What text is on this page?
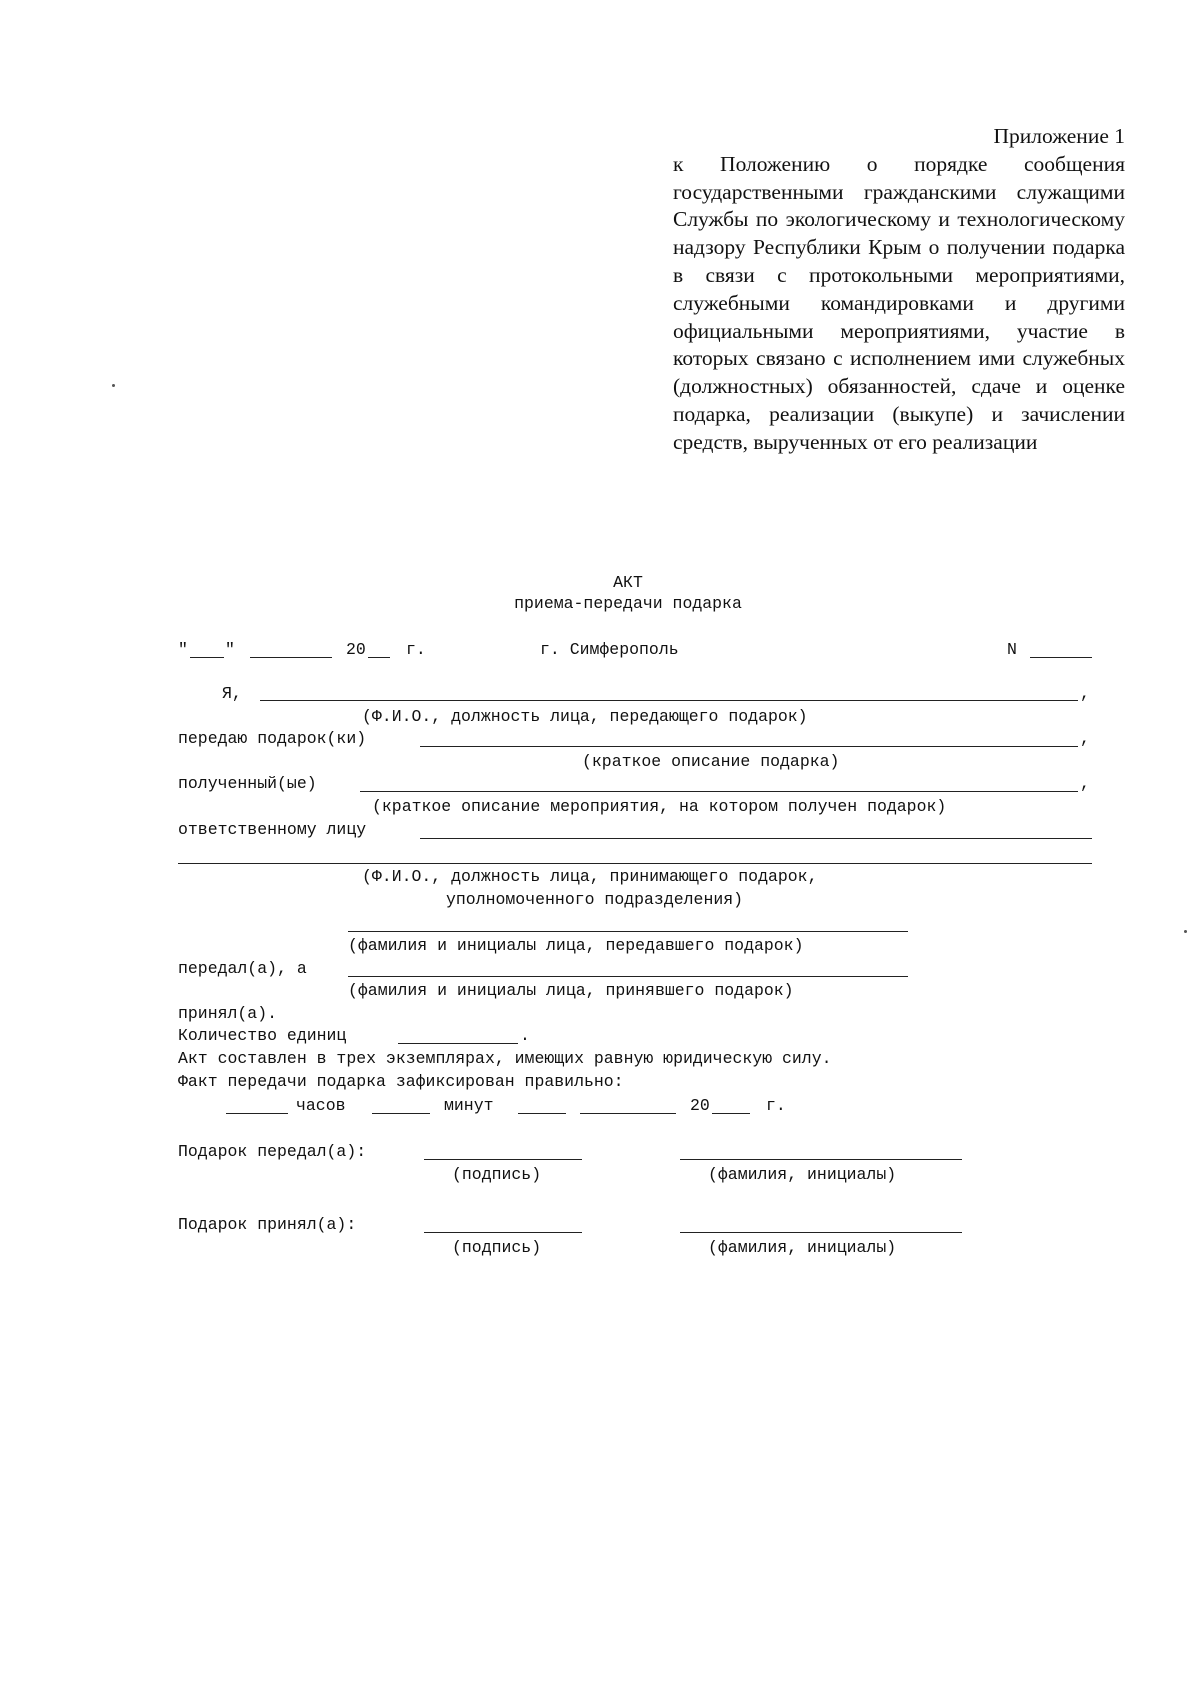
Приложение 1
к Положению о порядке сообщения государственными гражданскими служащими Службы по экологическому и технологическому надзору Республики Крым о получении подарка в связи с протокольными мероприятиями, служебными командировками и другими официальными мероприятиями, участие в которых связано с исполнением ими служебных (должностных) обязанностей, сдаче и оценке подарка, реализации (выкупе) и зачислении средств, вырученных от его реализации
АКТ
приема-передачи подарка
" "	20 г.	г. Симферополь	N
Я,	,
(Ф.И.О., должность лица, передающего подарок)
передаю подарок(ки)	,
(краткое описание подарка)
полученный(ые)	,
(краткое описание мероприятия, на котором получен подарок)
ответственному лицу
(Ф.И.О., должность лица, принимающего подарок,
уполномоченного подразделения)
(фамилия и инициалы лица, передавшего подарок)
передал(а), а
(фамилия и инициалы лица, принявшего подарок)
принял(а).
Количество единиц	.
Акт составлен в трех экземплярах, имеющих равную юридическую силу.
Факт передачи подарка зафиксирован правильно:
часов	минут	20	г.
Подарок передал(а):
(подпись)	(фамилия, инициалы)
Подарок принял(а):
(подпись)	(фамилия, инициалы)
